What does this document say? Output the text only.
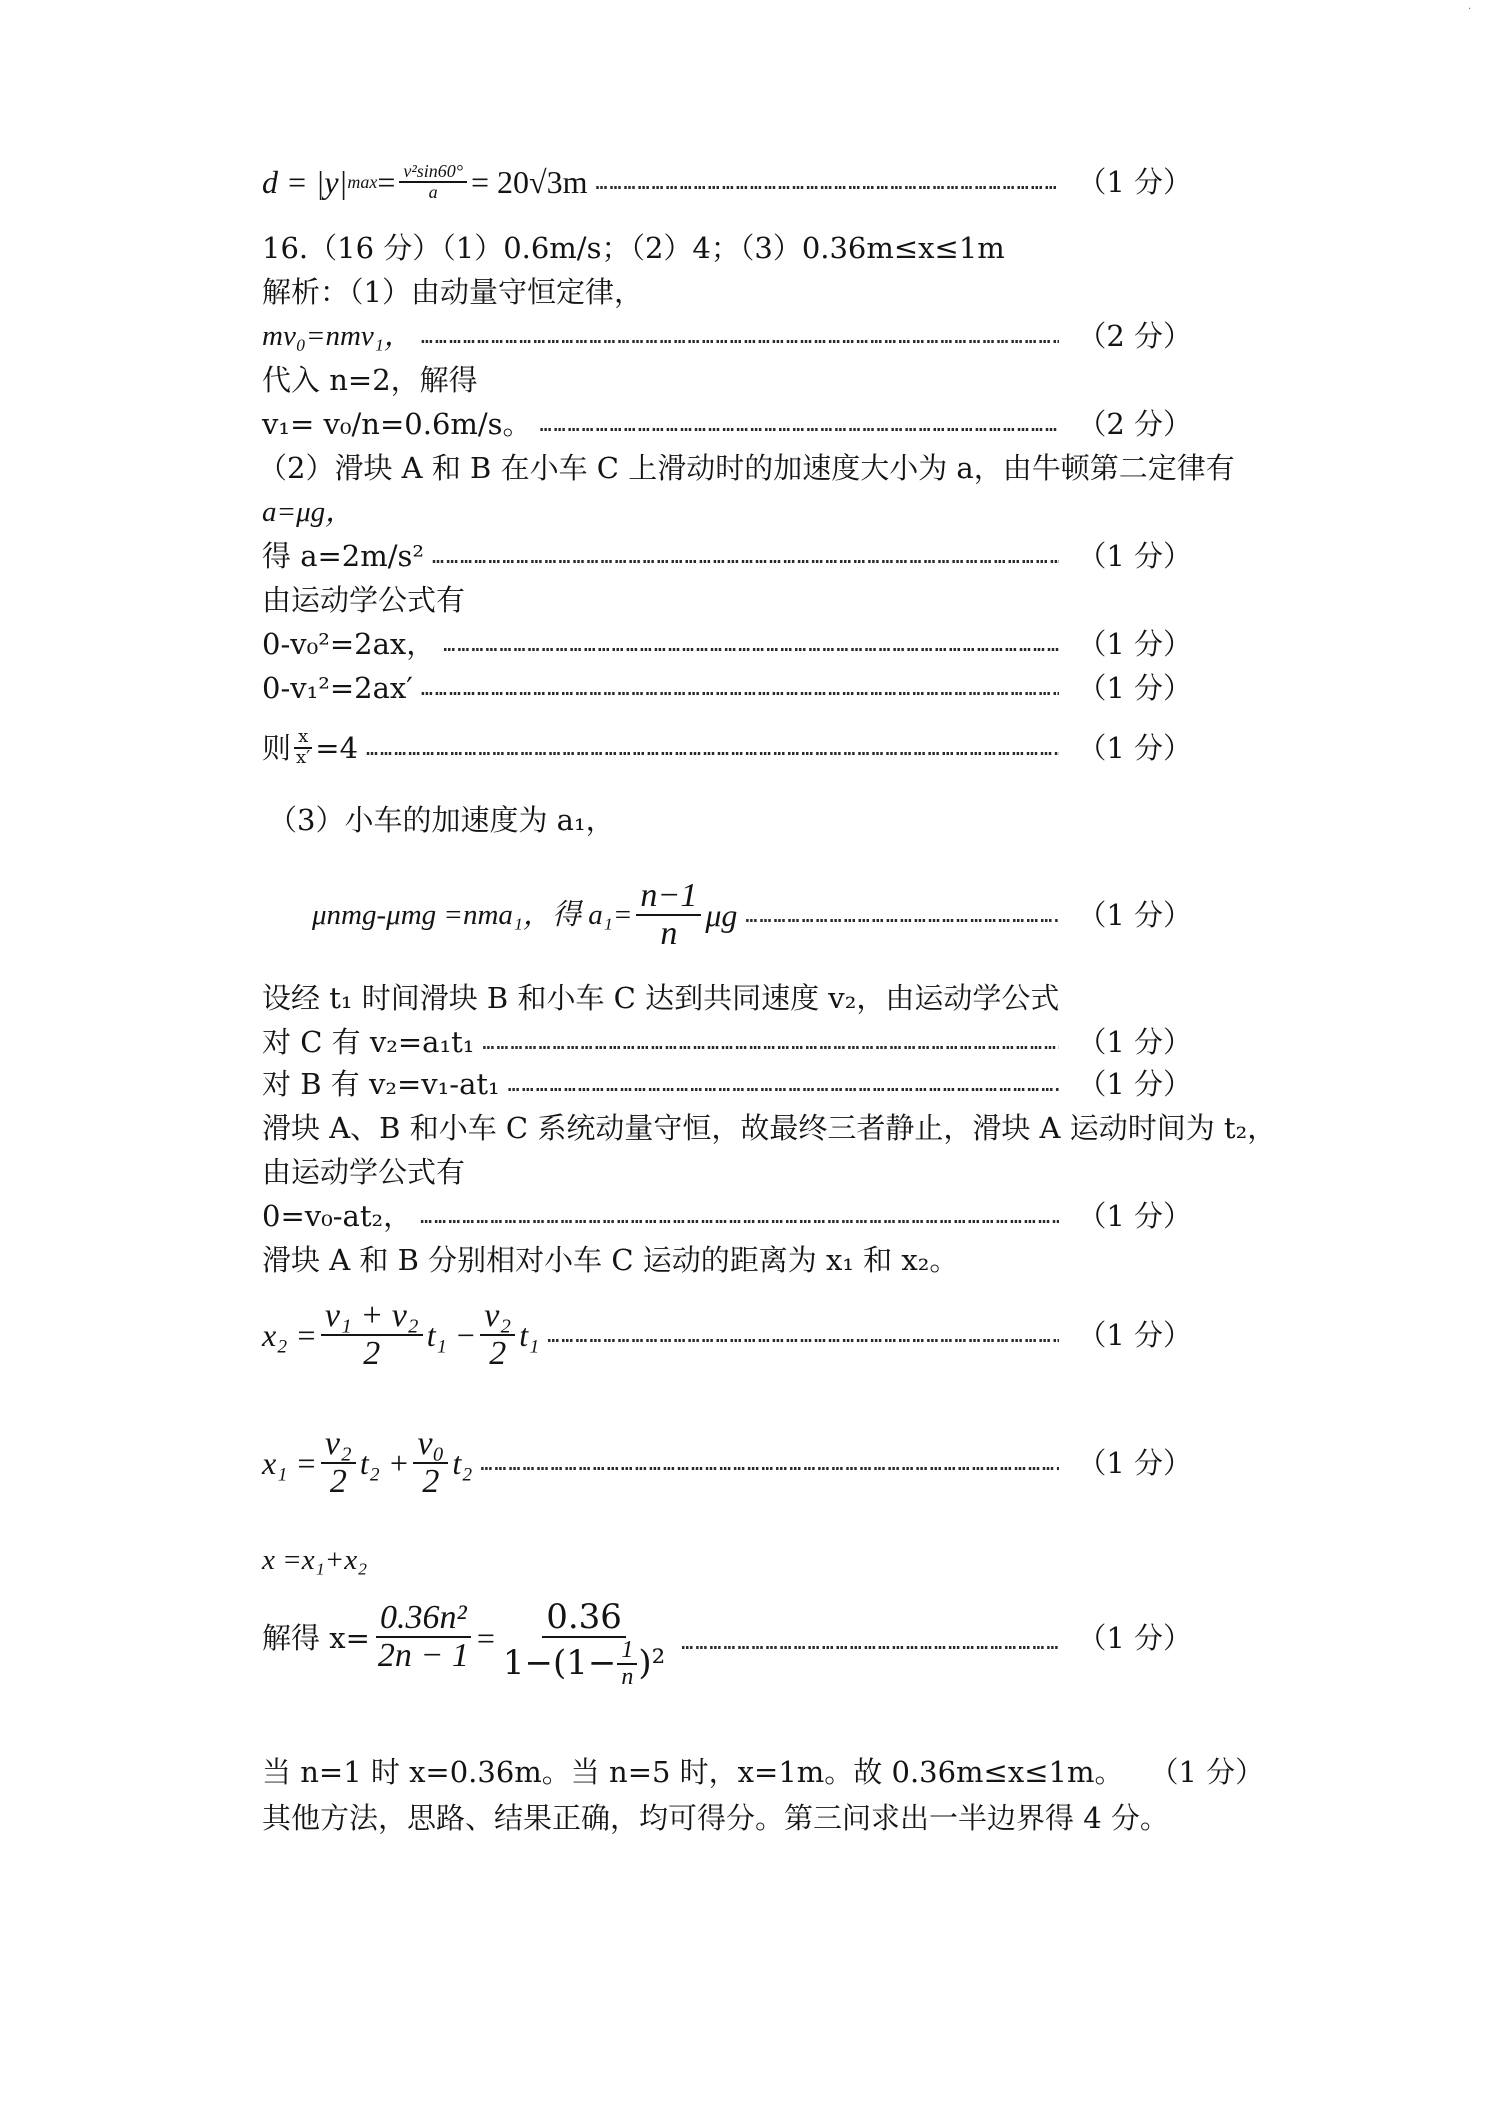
·
d = |y| $\max = \frac{\text{v²sin60°}}{a} = 20√3m$ …………………………………………………………………………………………………………………………………………………………………………………………………………………………………………	（1 分）
16.（16 分）（1）0.6m/s；（2）4；（3）0.36m≤x≤1m
解析：（1）由动量守恒定律，
mv₀=nmv₁， …………………………………………………………………………………………………………………………………………………………………………………………………………………………………………	（2 分）
代入 n=2，解得
v₁= v₀/n=0.6m/s。 …………………………………………………………………………………………………………………………………………………………………………………………………………………………………………	（2 分）
（2）滑块 A 和 B 在小车 C 上滑动时的加速度大小为 a，由牛顿第二定律有
a=μg，
得 a=2m/s² …………………………………………………………………………………………………………………………………………………………………………………………………………………………………………	（1 分）
由运动学公式有
0-v₀²=2ax， …………………………………………………………………………………………………………………………………………………………………………………………………………………………………………	（1 分）
0-v₁²=2ax′ …………………………………………………………………………………………………………………………………………………………………………………………………………………………………………	（1 分）
则 $\frac{x}{x'} =4$ …………………………………………………………………………………………………………………………………………………………………………………………………………………………………………	（1 分）
（3）小车的加速度为 a₁，
μnmg-μmg =nma₁，得 $a_1= \frac{n-1}{n}$ μg …………………………………………………………………………………………………………………………………………………………………………………………………………………………………………	（1 分）
设经 t₁ 时间滑块 B 和小车 C 达到共同速度 v₂，由运动学公式
对 C 有 v₂=a₁t₁ …………………………………………………………………………………………………………………………………………………………………………………………………………………………………………	（1 分）
对 B 有 v₂=v₁-at₁ …………………………………………………………………………………………………………………………………………………………………………………………………………………………………………	（1 分）
滑块 A、B 和小车 C 系统动量守恒，故最终三者静止，滑块 A 运动时间为 t₂，
由运动学公式有
0=v₀-at₂， …………………………………………………………………………………………………………………………………………………………………………………………………………………………………………	（1 分）
滑块 A 和 B 分别相对小车 C 运动的距离为 x₁ 和 x₂。
$x_2 = \frac{\text{v₁ + v₂}}{2} t_1 - \frac{\text{v₂}}{2} t_1$ …………………………………………………………………………………………………………………………………………………………………………………………………………………………………………	（1 分）
$x_1 = \frac{\text{v₂}}{2} t_2 + \frac{\text{v₀}}{2} t_2$ …………………………………………………………………………………………………………………………………………………………………………………………………………………………………………	（1 分）
x =x₁+x₂
解得 $x= \frac{\text{0.36n²}}{2n - 1} = \frac{0.36}{1-(1- \frac{1}{n} )^2}$ …………………………………………………………………………………………………………………………………………………………………………………………………………………………………………	（1 分）
当 n=1 时 x=0.36m。当 n=5 时，x=1m。故 0.36m≤x≤1m。 （1 分）
其他方法，思路、结果正确，均可得分。第三问求出一半边界得 4 分。
